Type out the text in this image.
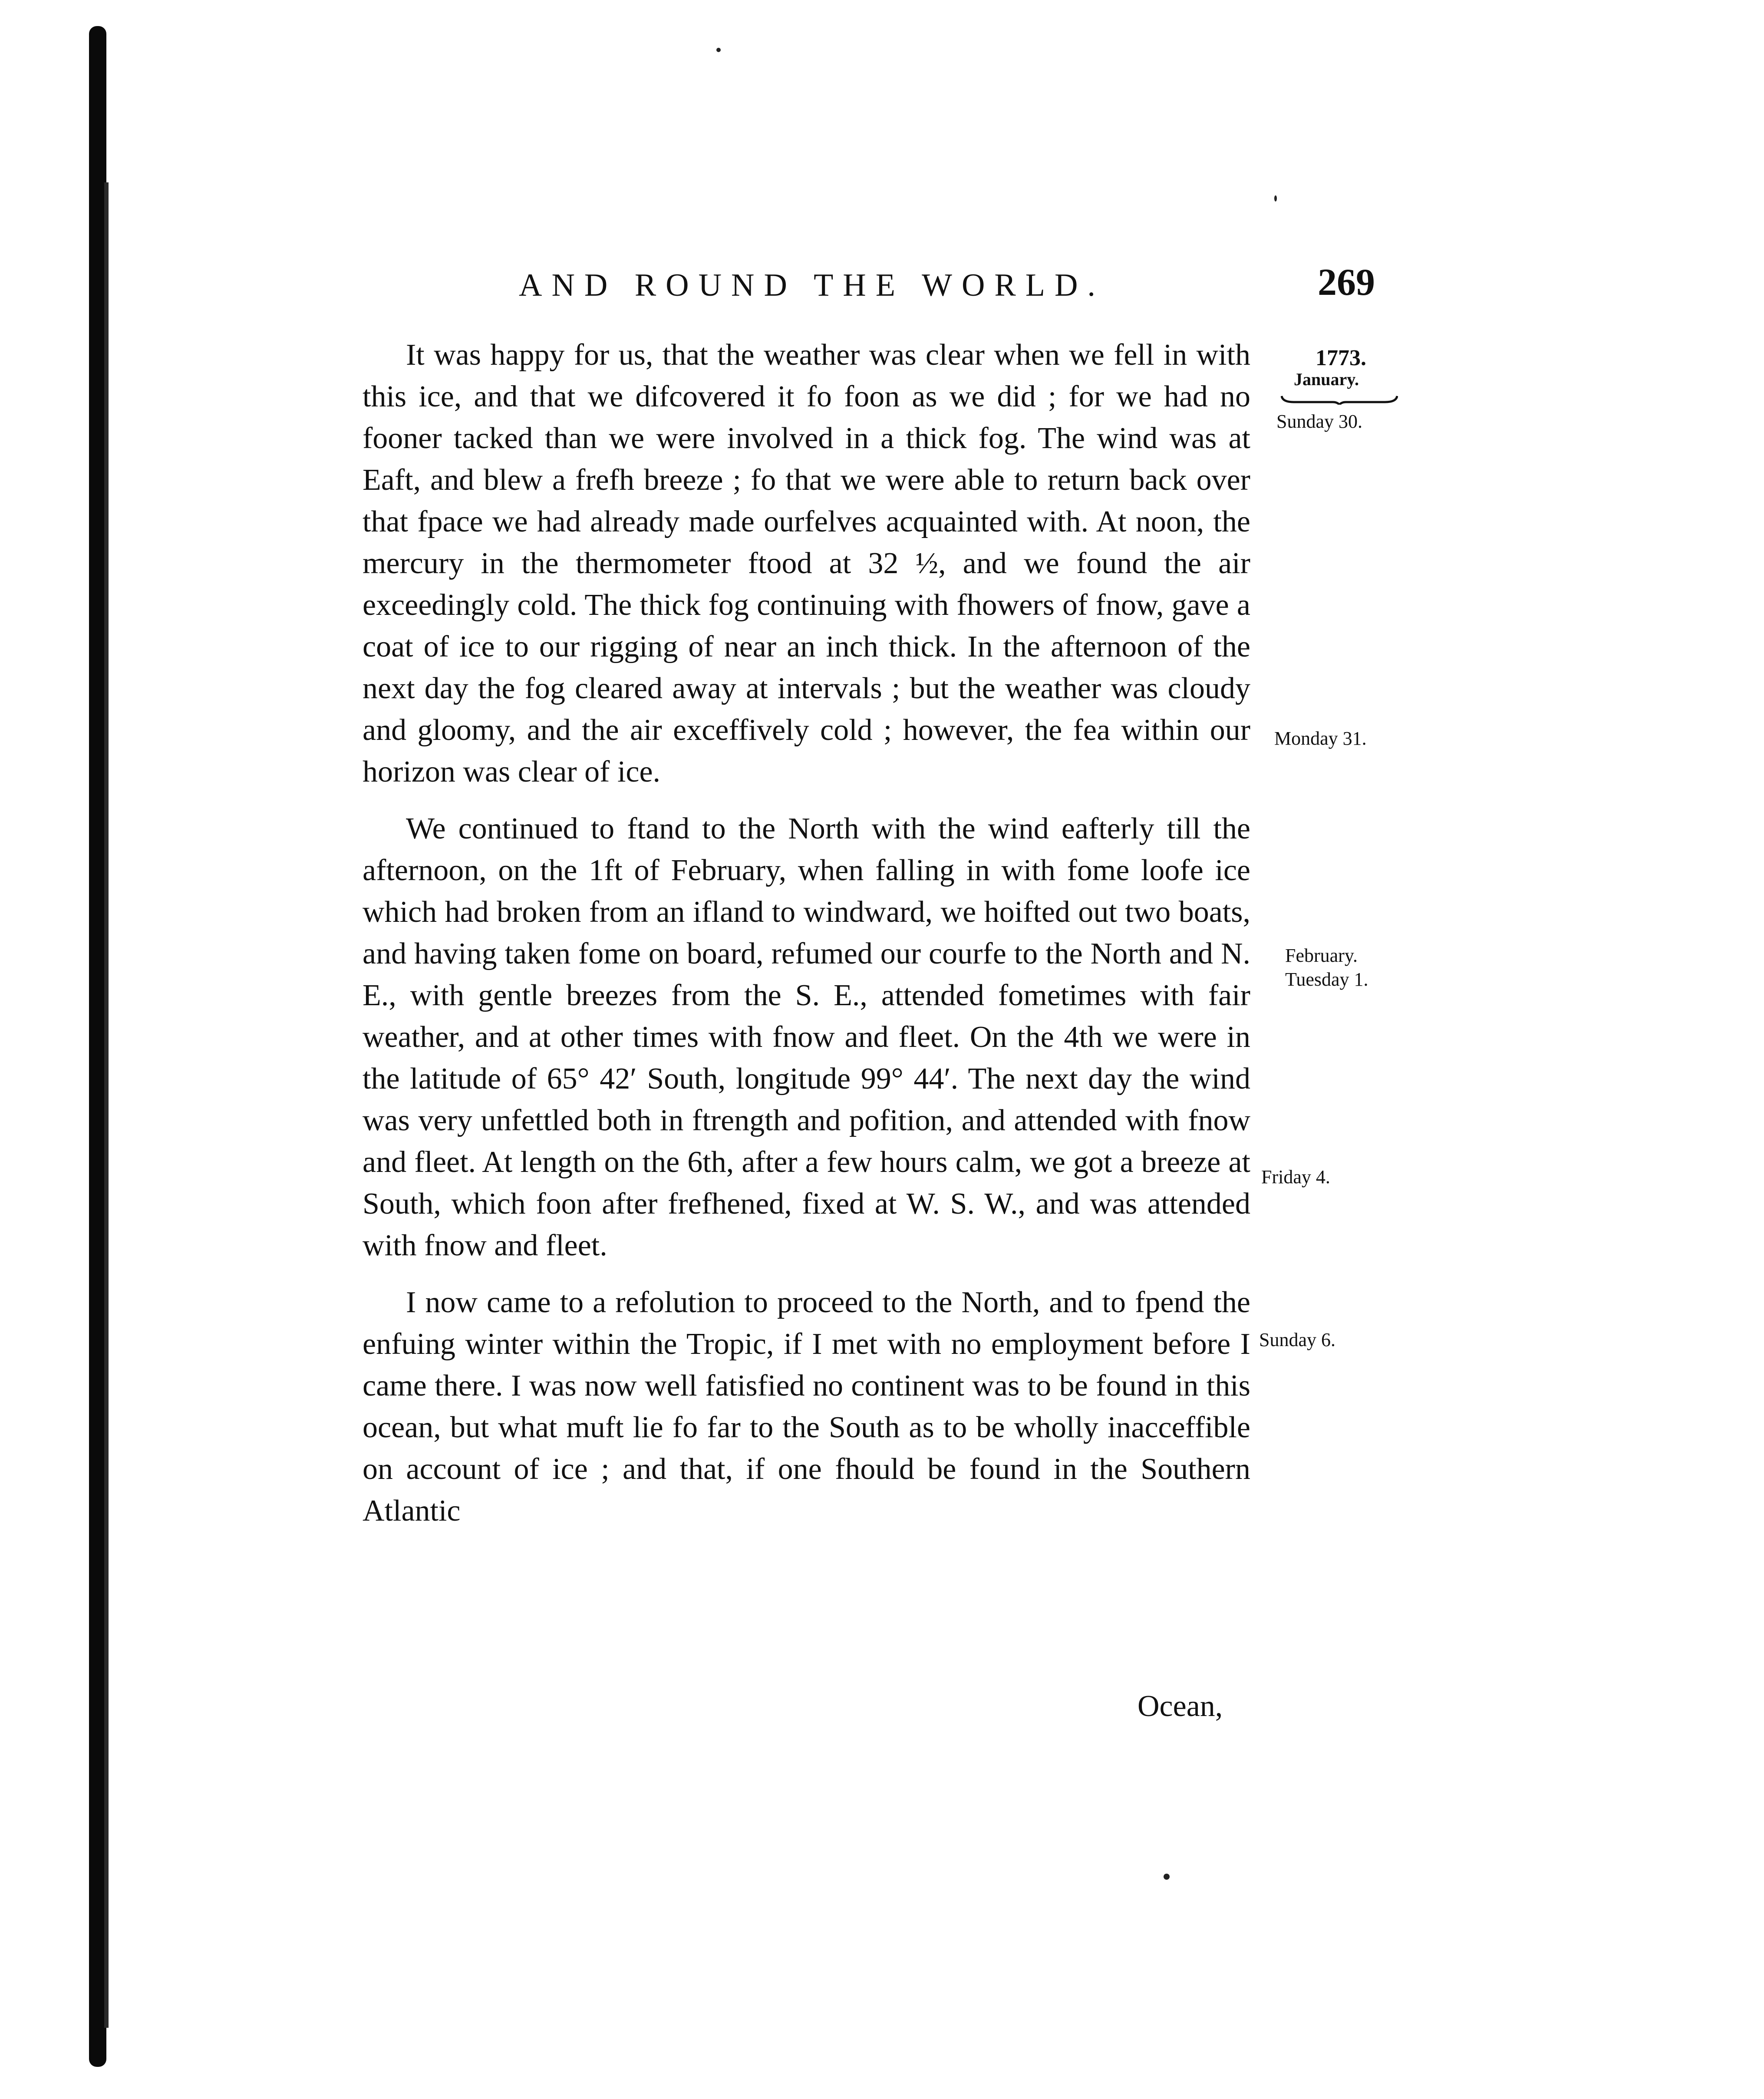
AND ROUND THE WORLD.	269
1773.
January.
Sunday 30.
Monday 31.
February.
Tuesday 1.
Friday 4.
Sunday 6.

It was happy for us, that the weather was clear when we fell in with this ice, and that we difcovered it fo foon as we did ; for we had no fooner tacked than we were involved in a thick fog. The wind was at Eaft, and blew a frefh breeze ; fo that we were able to return back over that fpace we had already made ourfelves acquainted with. At noon, the mercury in the thermometer ftood at 32 ½, and we found the air exceedingly cold. The thick fog continuing with fhowers of fnow, gave a coat of ice to our rigging of near an inch thick. In the afternoon of the next day the fog cleared away at intervals ; but the weather was cloudy and gloomy, and the air exceffively cold ; however, the fea within our horizon was clear of ice.

We continued to ftand to the North with the wind eafterly till the afternoon, on the 1ft of February, when falling in with fome loofe ice which had broken from an ifland to windward, we hoifted out two boats, and having taken fome on board, refumed our courfe to the North and N. E., with gentle breezes from the S. E., attended fometimes with fair weather, and at other times with fnow and fleet. On the 4th we were in the latitude of 65° 42′ South, longitude 99° 44′. The next day the wind was very unfettled both in ftrength and pofition, and attended with fnow and fleet. At length on the 6th, after a few hours calm, we got a breeze at South, which foon after frefhened, fixed at W. S. W., and was attended with fnow and fleet.

I now came to a refolution to proceed to the North, and to fpend the enfuing winter within the Tropic, if I met with no employment before I came there. I was now well fatisfied no continent was to be found in this ocean, but what muft lie fo far to the South as to be wholly inacceffible on account of ice ; and that, if one fhould be found in the Southern Atlantic

Ocean,
